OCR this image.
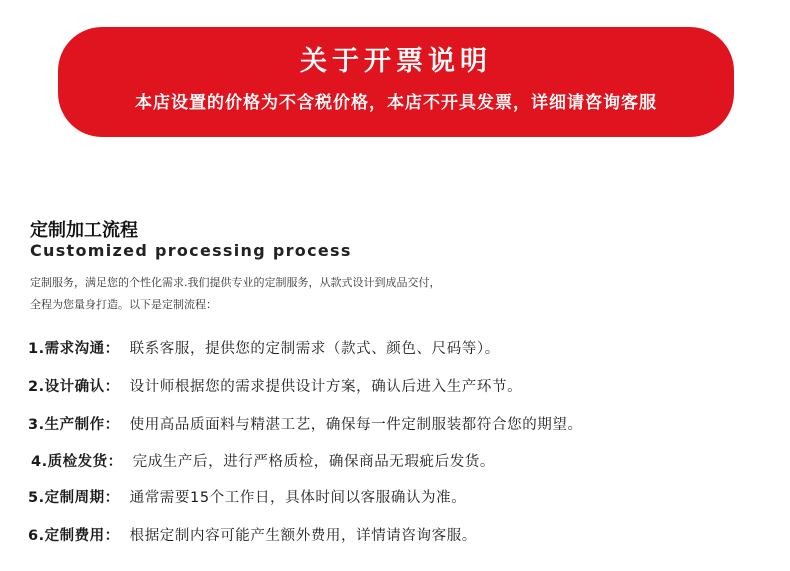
关于开票说明
本店设置的价格为不含税价格，本店不开具发票，详细请咨询客服
定制加工流程
Customized processing process
定制服务，满足您的个性化需求.我们提供专业的定制服务，从款式设计到成品交付，
全程为您量身打造。以下是定制流程：
1.需求沟通： 联系客服，提供您的定制需求（款式、颜色、尺码等）。
2.设计确认： 设计师根据您的需求提供设计方案，确认后进入生产环节。
3.生产制作： 使用高品质面料与精湛工艺，确保每一件定制服装都符合您的期望。
4.质检发货： 完成生产后，进行严格质检，确保商品无瑕疵后发货。
5.定制周期： 通常需要15个工作日，具体时间以客服确认为准。
6.定制费用： 根据定制内容可能产生额外费用，详情请咨询客服。
